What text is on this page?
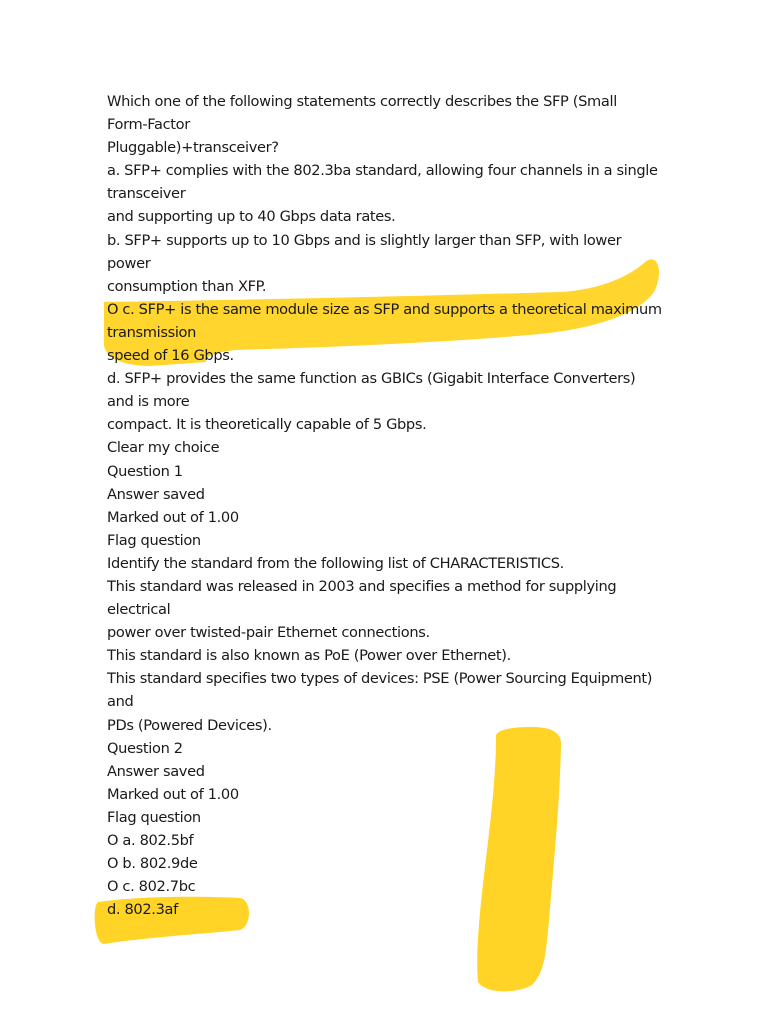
Which one of the following statements correctly describes the SFP (Small
Form-Factor
Pluggable)+transceiver?
a. SFP+ complies with the 802.3ba standard, allowing four channels in a single
transceiver
and supporting up to 40 Gbps data rates.
b. SFP+ supports up to 10 Gbps and is slightly larger than SFP, with lower
power
consumption than XFP.
O c. SFP+ is the same module size as SFP and supports a theoretical maximum
transmission
speed of 16 Gbps.
d. SFP+ provides the same function as GBICs (Gigabit Interface Converters)
and is more
compact. It is theoretically capable of 5 Gbps.
Clear my choice
Question 1
Answer saved
Marked out of 1.00
Flag question
Identify the standard from the following list of CHARACTERISTICS.
This standard was released in 2003 and specifies a method for supplying
electrical
power over twisted-pair Ethernet connections.
This standard is also known as PoE (Power over Ethernet).
This standard specifies two types of devices: PSE (Power Sourcing Equipment)
and
PDs (Powered Devices).
Question 2
Answer saved
Marked out of 1.00
Flag question
O a. 802.5bf
O b. 802.9de
O c. 802.7bc
d. 802.3af
